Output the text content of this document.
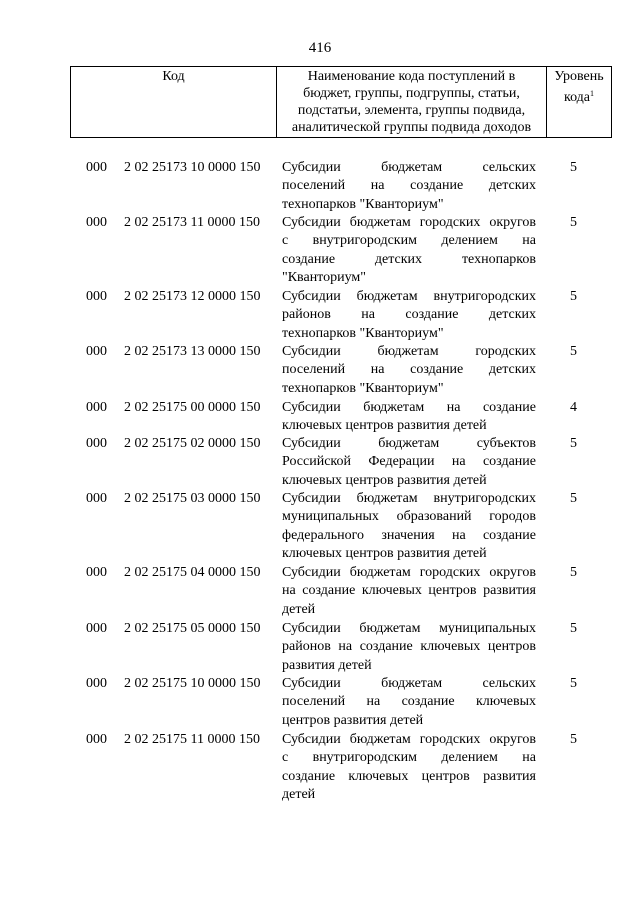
416
Код	Наименование кода поступлений в
бюджет, группы, подгруппы, статьи,
подстатьи, элемента, группы подвида,
аналитической группы подвида доходов
Уровень
кода$^1$
000 2 02 25173 10 0000 150 Субсидии бюджетам сельских
поселений на создание детских
технопарков "Кванториум"
5
000 2 02 25173 11 0000 150 Субсидии бюджетам городских округов
с внутригородским делением на
создание детских технопарков
"Кванториум"
5
000 2 02 25173 12 0000 150 Субсидии бюджетам внутригородских
районов на создание детских
технопарков "Кванториум"
5
000 2 02 25173 13 0000 150 Субсидии бюджетам городских
поселений на создание детских
технопарков "Кванториум"
5
000 2 02 25175 00 0000 150 Субсидии бюджетам на создание
ключевых центров развития детей
4
000 2 02 25175 02 0000 150 Субсидии бюджетам субъектов
Российской Федерации на создание
ключевых центров развития детей
5
000 2 02 25175 03 0000 150 Субсидии бюджетам внутригородских
муниципальных образований городов
федерального значения на создание
ключевых центров развития детей
5
000 2 02 25175 04 0000 150 Субсидии бюджетам городских округов
на создание ключевых центров развития
детей
5
000 2 02 25175 05 0000 150 Субсидии бюджетам муниципальных
районов на создание ключевых центров
развития детей
5
000 2 02 25175 10 0000 150 Субсидии бюджетам сельских
поселений на создание ключевых
центров развития детей
5
000 2 02 25175 11 0000 150 Субсидии бюджетам городских округов
с внутригородским делением на
создание ключевых центров развития
детей
5
